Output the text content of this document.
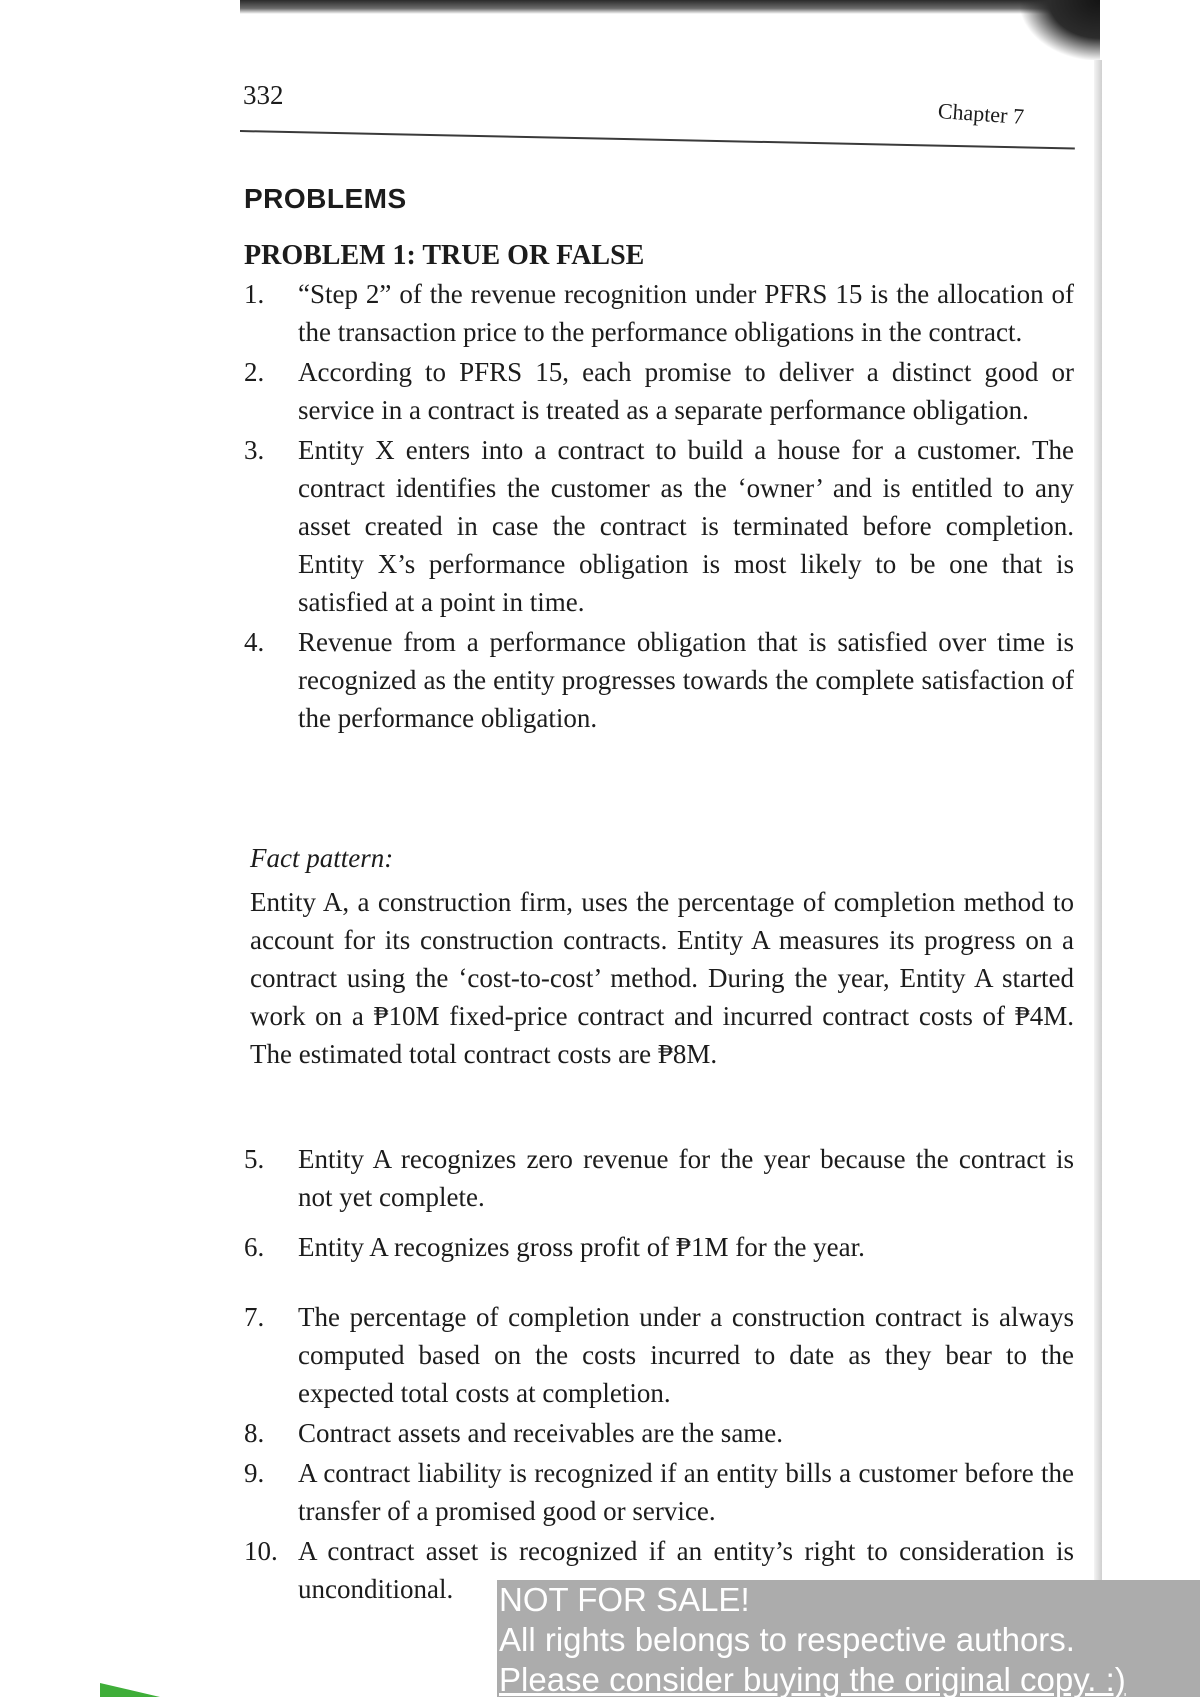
332
Chapter 7
PROBLEMS
PROBLEM 1: TRUE OR FALSE
1. “Step 2” of the revenue recognition under PFRS 15 is the allocation of the transaction price to the performance obligations in the contract.
2. According to PFRS 15, each promise to deliver a distinct good or service in a contract is treated as a separate performance obligation.
3. Entity X enters into a contract to build a house for a customer. The contract identifies the customer as the ‘owner’ and is entitled to any asset created in case the contract is terminated before completion. Entity X’s performance obligation is most likely to be one that is satisfied at a point in time.
4. Revenue from a performance obligation that is satisfied over time is recognized as the entity progresses towards the complete satisfaction of the performance obligation.
Fact pattern:
Entity A, a construction firm, uses the percentage of completion method to account for its construction contracts. Entity A measures its progress on a contract using the ‘cost-to-cost’ method. During the year, Entity A started work on a ₱10M fixed-price contract and incurred contract costs of ₱4M. The estimated total contract costs are ₱8M.
5. Entity A recognizes zero revenue for the year because the contract is not yet complete.
6. Entity A recognizes gross profit of ₱1M for the year.
7. The percentage of completion under a construction contract is always computed based on the costs incurred to date as they bear to the expected total costs at completion.
8. Contract assets and receivables are the same.
9. A contract liability is recognized if an entity bills a customer before the transfer of a promised good or service.
10. A contract asset is recognized if an entity’s right to consideration is unconditional.	NOT FOR SALE!
All rights belongs to respective authors.
Please consider buying the original copy. :)
